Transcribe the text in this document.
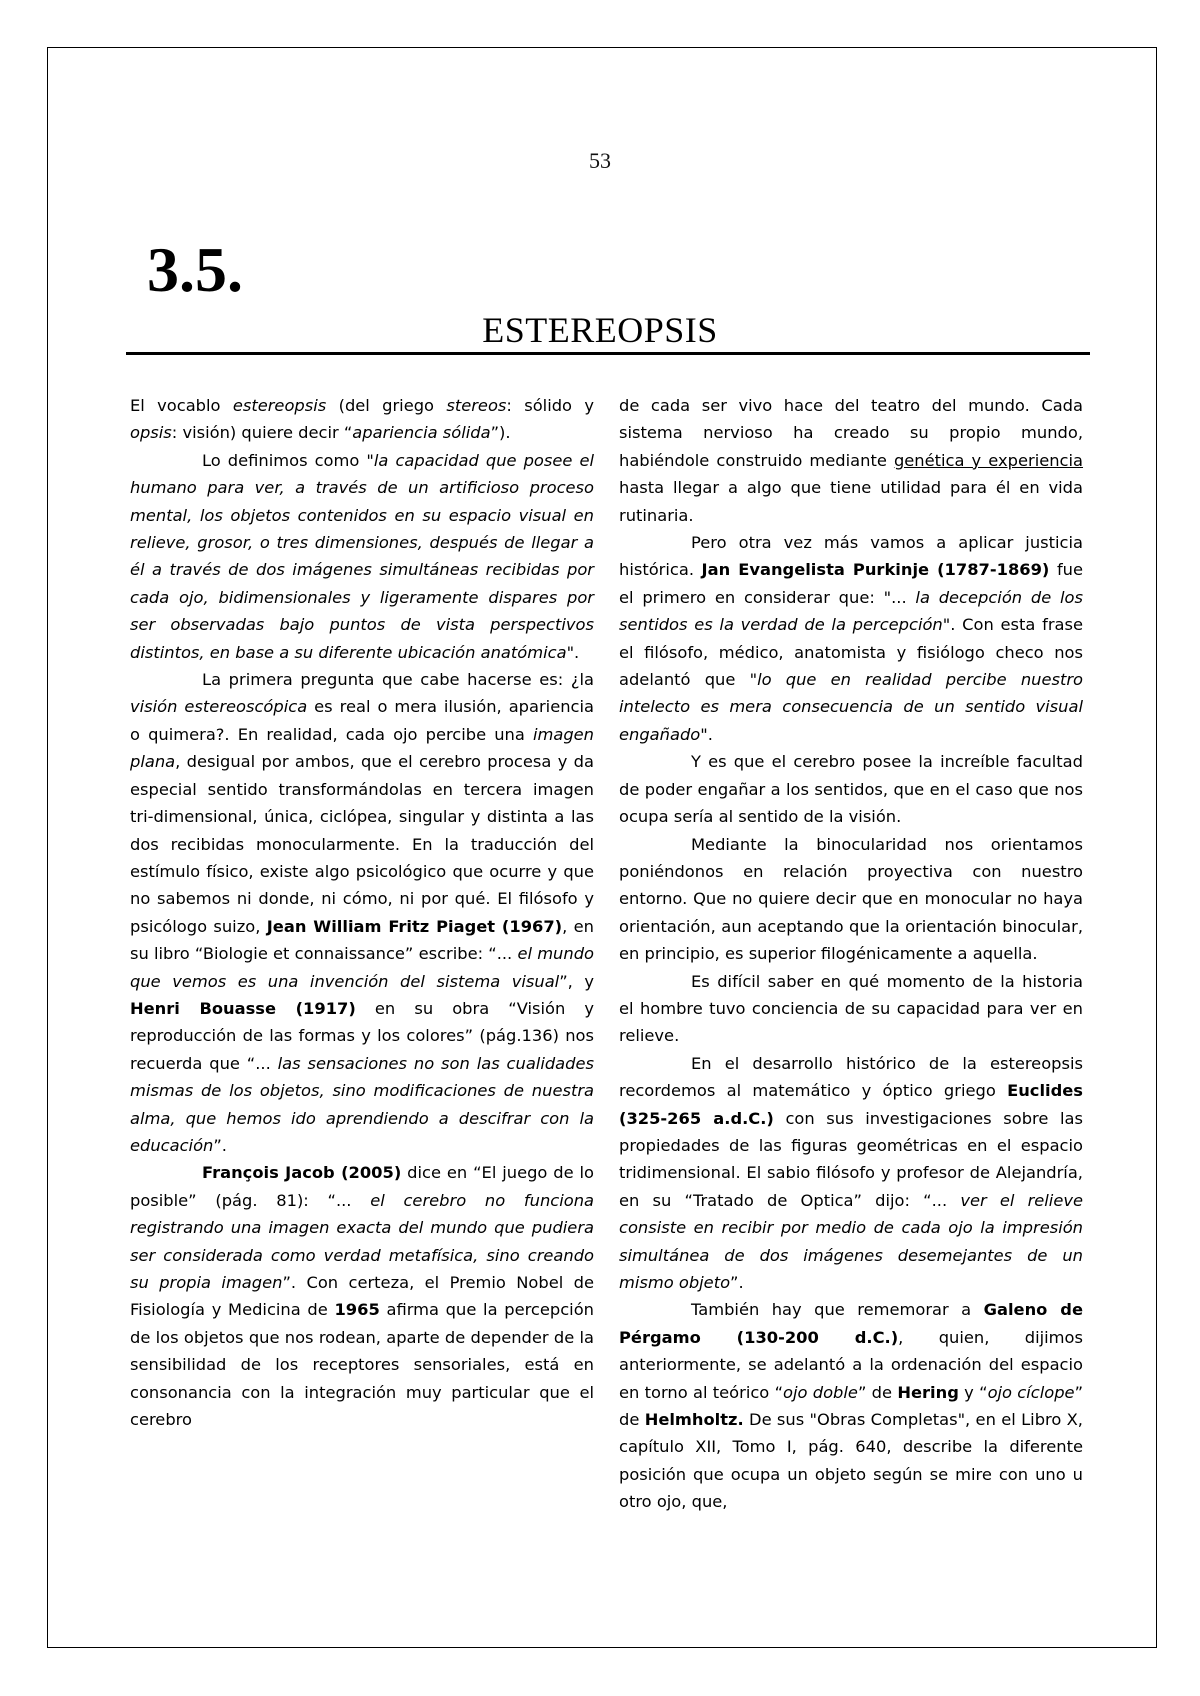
53
3.5.
ESTEREOPSIS

El vocablo estereopsis (del griego stereos: sólido y opsis: visión) quiere decir “apariencia sólida”).

Lo definimos como "la capacidad que posee el humano para ver, a través de un artificioso proceso mental, los objetos contenidos en su espacio visual en relieve, grosor, o tres dimensiones, después de llegar a él a través de dos imágenes simultáneas recibidas por cada ojo, bidimensionales y ligeramente dispares por ser observadas bajo puntos de vista perspectivos distintos, en base a su diferente ubicación anatómica".

La primera pregunta que cabe hacerse es: ¿la visión estereoscópica es real o mera ilusión, apariencia o quimera?. En realidad, cada ojo percibe una imagen plana, desigual por ambos, que el cerebro procesa y da especial sentido transformándolas en tercera imagen tri-dimensional, única, ciclópea, singular y distinta a las dos recibidas monocularmente. En la traducción del estímulo físico, existe algo psicológico que ocurre y que no sabemos ni donde, ni cómo, ni por qué. El filósofo y psicólogo suizo, Jean William Fritz Piaget (1967), en su libro “Biologie et connaissance” escribe: “... el mundo que vemos es una invención del sistema visual”, y Henri Bouasse (1917) en su obra “Visión y reproducción de las formas y los colores” (pág.136) nos recuerda que “... las sensaciones no son las cualidades mismas de los objetos, sino modificaciones de nuestra alma, que hemos ido aprendiendo a descifrar con la educación”.

François Jacob (2005) dice en “El juego de lo posible” (pág. 81): “... el cerebro no funciona registrando una imagen exacta del mundo que pudiera ser considerada como verdad metafísica, sino creando su propia imagen”. Con certeza, el Premio Nobel de Fisiología y Medicina de 1965 afirma que la percepción de los objetos que nos rodean, aparte de depender de la sensibilidad de los receptores sensoriales, está en consonancia con la integración muy particular que el cerebro

de cada ser vivo hace del teatro del mundo. Cada sistema nervioso ha creado su propio mundo, habiéndole construido mediante genética y experiencia hasta llegar a algo que tiene utilidad para él en vida rutinaria.

Pero otra vez más vamos a aplicar justicia histórica. Jan Evangelista Purkinje (1787-1869) fue el primero en considerar que: "... la decepción de los sentidos es la verdad de la percepción". Con esta frase el filósofo, médico, anatomista y fisiólogo checo nos adelantó que "lo que en realidad percibe nuestro intelecto es mera consecuencia de un sentido visual engañado".

Y es que el cerebro posee la increíble facultad de poder engañar a los sentidos, que en el caso que nos ocupa sería al sentido de la visión.

Mediante la binocularidad nos orientamos poniéndonos en relación proyectiva con nuestro entorno. Que no quiere decir que en monocular no haya orientación, aun aceptando que la orientación binocular, en principio, es superior filogénicamente a aquella.

Es difícil saber en qué momento de la historia el hombre tuvo conciencia de su capacidad para ver en relieve.

En el desarrollo histórico de la estereopsis recordemos al matemático y óptico griego Euclides (325-265 a.d.C.) con sus investigaciones sobre las propiedades de las figuras geométricas en el espacio tridimensional. El sabio filósofo y profesor de Alejandría, en su “Tratado de Optica” dijo: “... ver el relieve consiste en recibir por medio de cada ojo la impresión simultánea de dos imágenes desemejantes de un mismo objeto”.

También hay que rememorar a Galeno de Pérgamo (130-200 d.C.), quien, dijimos anteriormente, se adelantó a la ordenación del espacio en torno al teórico “ojo doble” de Hering y “ojo cíclope” de Helmholtz. De sus "Obras Completas", en el Libro X, capítulo XII, Tomo I, pág. 640, describe la diferente posición que ocupa un objeto según se mire con uno u otro ojo, que,
